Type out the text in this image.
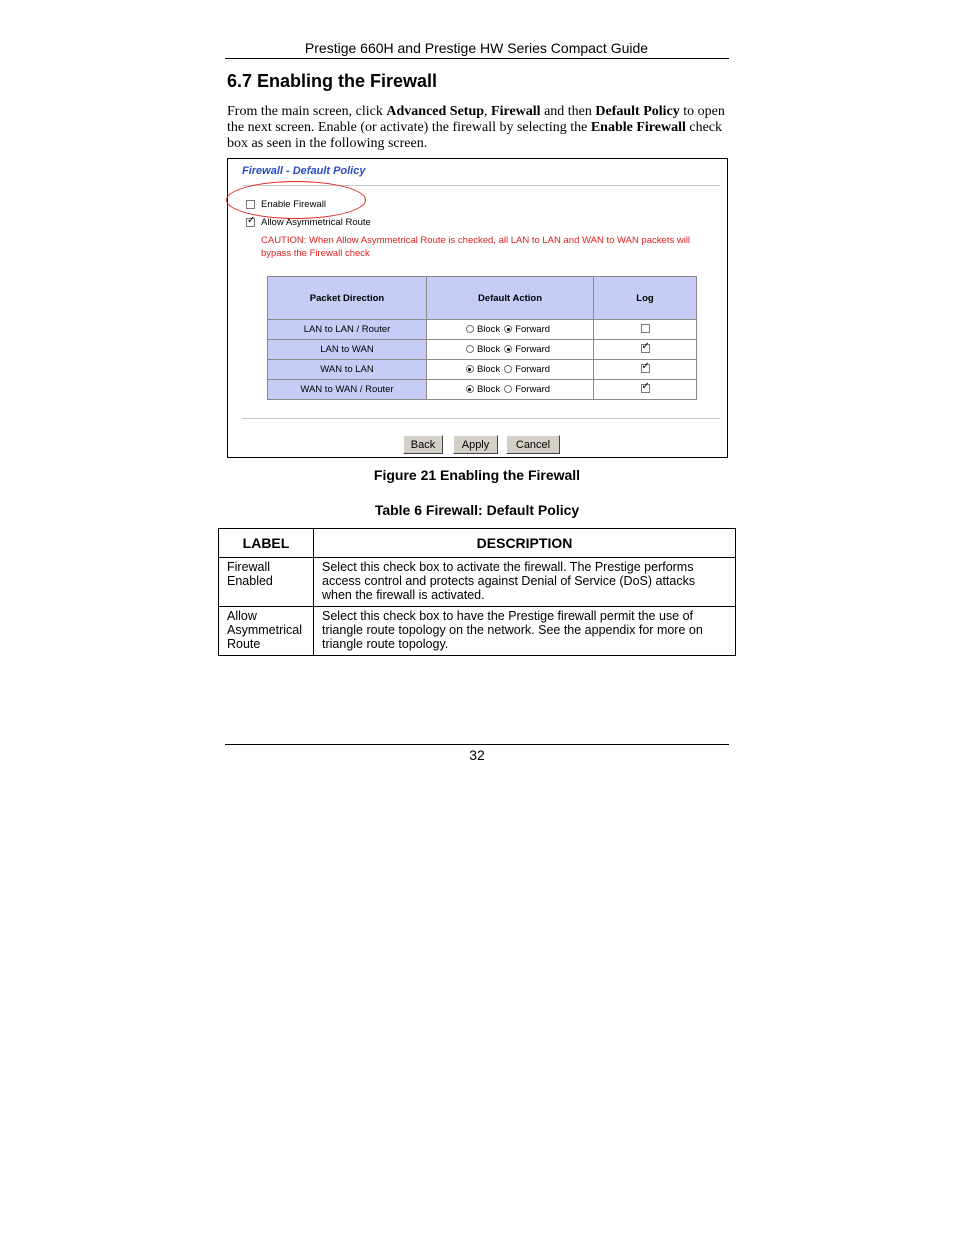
Prestige 660H and Prestige HW Series Compact Guide
6.7 Enabling the Firewall
From the main screen, click Advanced Setup, Firewall and then Default Policy to open the next screen. Enable (or activate) the firewall by selecting the Enable Firewall check box as seen in the following screen.
Firewall - Default Policy
Enable Firewall
✓
Allow Asymmetrical Route
CAUTION: When Allow Asymmetrical Route is checked, all LAN to LAN and WAN to WAN packets will bypass the Firewall check
Packet Direction	Default Action	Log
LAN to LAN / Router	Block Forward	
LAN to WAN	Block Forward	✓
WAN to LAN	Block Forward	✓
WAN to WAN / Router	Block Forward	✓
Back	Apply	Cancel
Figure 21 Enabling the Firewall
Table 6 Firewall: Default Policy
LABEL	DESCRIPTION

Firewall
Enabled	Select this check box to activate the firewall. The Prestige performs access control and protects against Denial of Service (DoS) attacks when the firewall is activated.

Allow
Asymmetrical
Route	Select this check box to have the Prestige firewall permit the use of triangle route topology on the network. See the appendix for more on triangle route topology.
32
